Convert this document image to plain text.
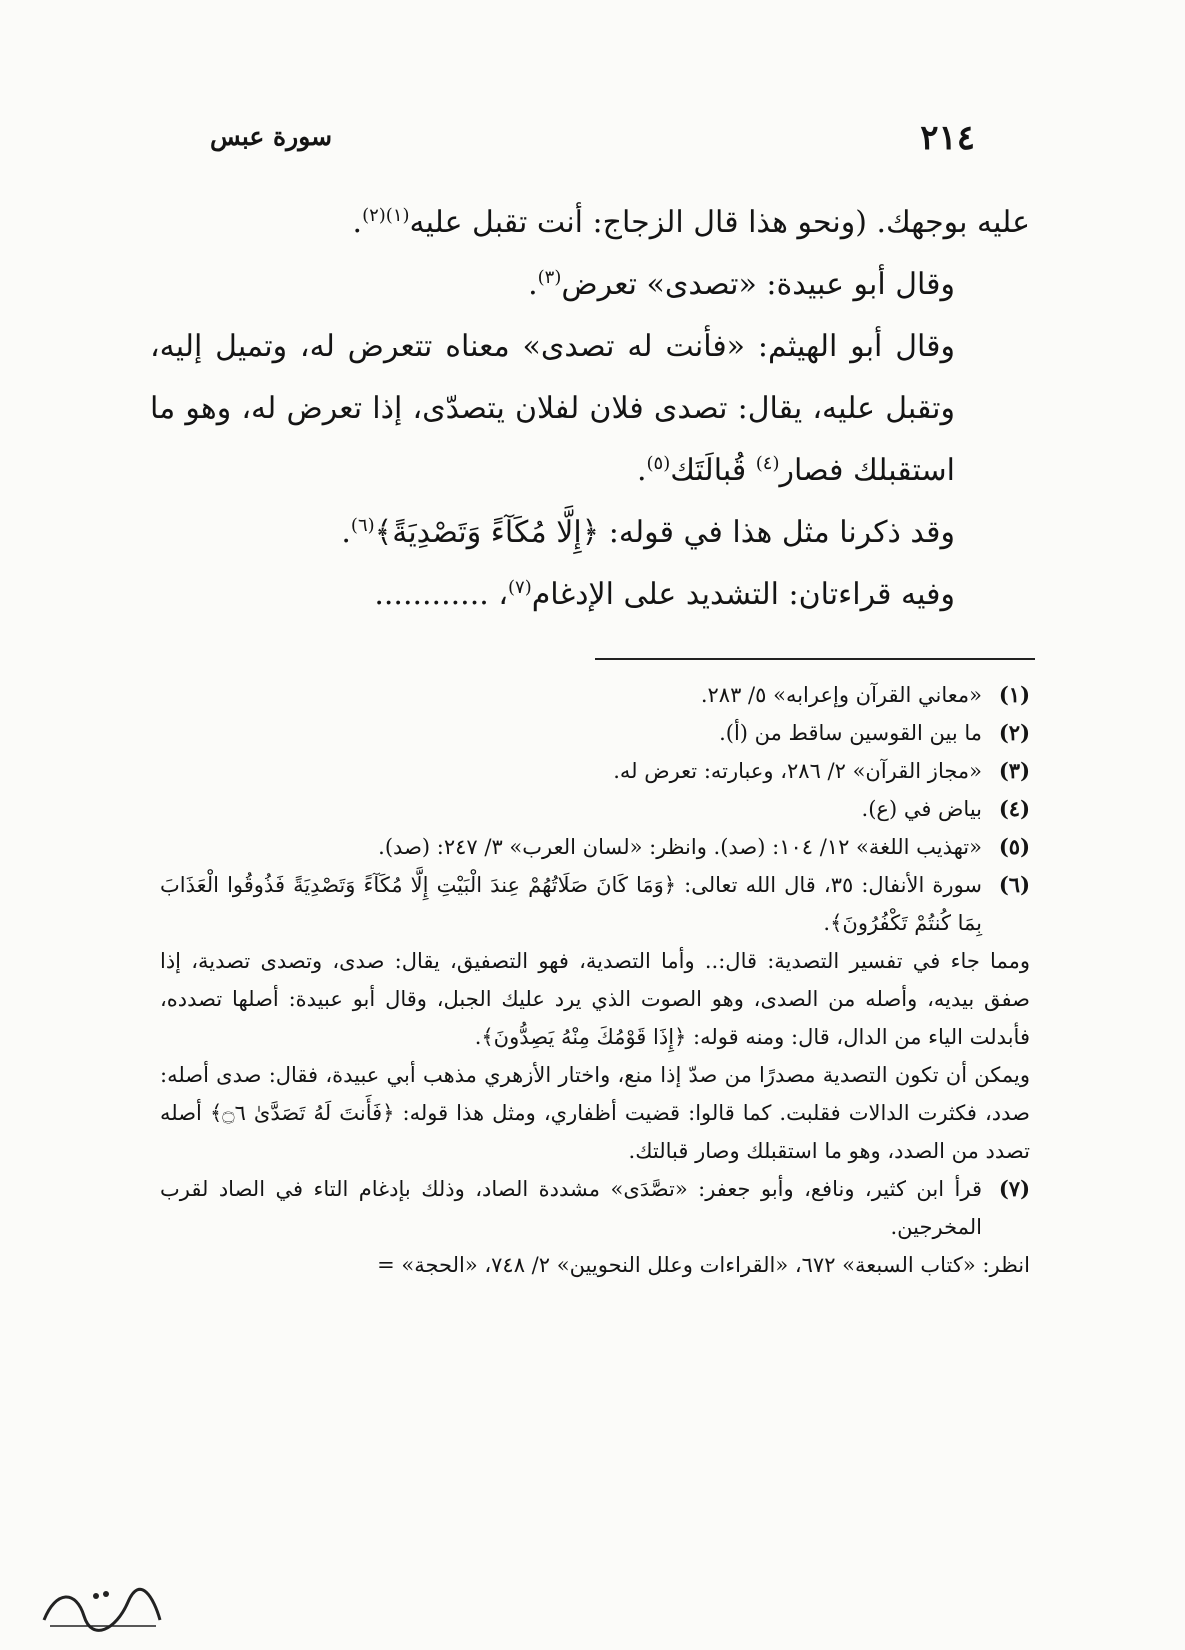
٢١٤
سورة عبس

عليه بوجهك. (ونحو هذا قال الزجاج: أنت تقبل عليه$^{(١)(٢)}$.

وقال أبو عبيدة: «تصدى» تعرض$^{(٣)}$.

وقال أبو الهيثم: «فأنت له تصدى» معناه تتعرض له، وتميل إليه، وتقبل عليه، يقال: تصدى فلان لفلان يتصدّى، إذا تعرض له، وهو ما استقبلك فصار$^{(٤)}$ قُبالَتَك$^{(٥)}$.

وقد ذكرنا مثل هذا في قوله: ﴿إِلَّا مُكَآءً وَتَصْدِيَةً﴾$^{(٦)}$.

وفيه قراءتان: التشديد على الإدغام$^{(٧)}$، ............

(١)
«معاني القرآن وإعرابه» ٥/ ٢٨٣.
(٢)
ما بين القوسين ساقط من (أ).
(٣)
«مجاز القرآن» ٢/ ٢٨٦، وعبارته: تعرض له.
(٤)
بياض في (ع).
(٥)
«تهذيب اللغة» ١٢/ ١٠٤: (صد). وانظر: «لسان العرب» ٣/ ٢٤٧: (صد).
(٦)
سورة الأنفال: ٣٥، قال الله تعالى: ﴿وَمَا كَانَ صَلَاتُهُمْ عِندَ الْبَيْتِ إِلَّا مُكَآءً وَتَصْدِيَةً فَذُوقُوا الْعَذَابَ بِمَا كُنتُمْ تَكْفُرُونَ﴾.

ومما جاء في تفسير التصدية: قال:.. وأما التصدية، فهو التصفيق، يقال: صدى، وتصدى تصدية، إذا صفق بيديه، وأصله من الصدى، وهو الصوت الذي يرد عليك الجبل، وقال أبو عبيدة: أصلها تصدده، فأبدلت الياء من الدال، قال: ومنه قوله: ﴿إِذَا قَوْمُكَ مِنْهُ يَصِدُّونَ﴾.

ويمكن أن تكون التصدية مصدرًا من صدّ إذا منع، واختار الأزهري مذهب أبي عبيدة، فقال: صدى أصله: صدد، فكثرت الدالات فقلبت. كما قالوا: قضيت أظفاري، ومثل هذا قوله: ﴿فَأَنتَ لَهُ تَصَدَّىٰ ۝٦﴾ أصله تصدد من الصدد، وهو ما استقبلك وصار قبالتك.

(٧)
قرأ ابن كثير، ونافع، وأبو جعفر: «تصَّدَى» مشددة الصاد، وذلك بإدغام التاء في الصاد لقرب المخرجين.

انظر: «كتاب السبعة» ٦٧٢، «القراءات وعلل النحويين» ٢/ ٧٤٨، «الحجة» =
